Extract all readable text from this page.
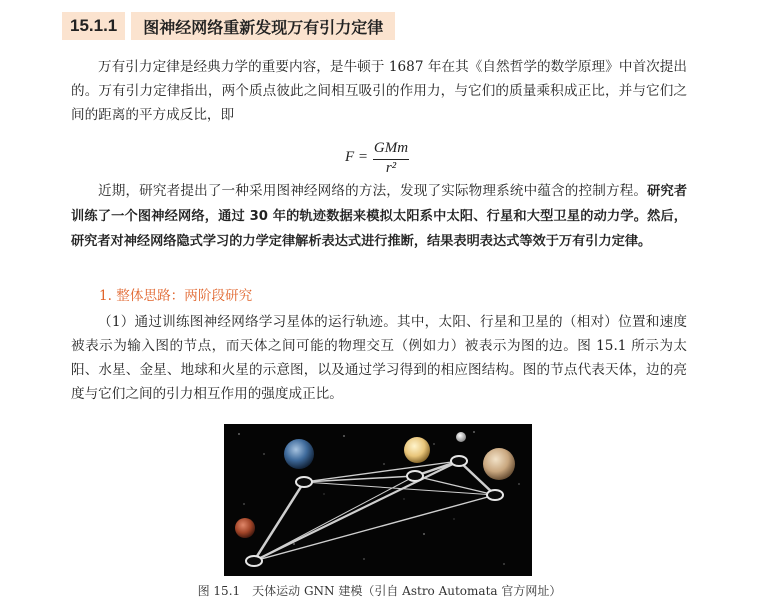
15.1.1	图神经网络重新发现万有引力定律

万有引力定律是经典力学的重要内容，是牛顿于 1687 年在其《自然哲学的数学原理》中首次提出的。万有引力定律指出，两个质点彼此之间相互吸引的作用力，与它们的质量乘积成正比，并与它们之间的距离的平方成反比，即

F =
GMm
r²

近期，研究者提出了一种采用图神经网络的方法，发现了实际物理系统中蕴含的控制方程。研究者训练了一个图神经网络，通过 30 年的轨迹数据来模拟太阳系中太阳、行星和大型卫星的动力学。然后，研究者对神经网络隐式学习的力学定律解析表达式进行推断，结果表明表达式等效于万有引力定律。

1. 整体思路：两阶段研究

（1）通过训练图神经网络学习星体的运行轨迹。其中，太阳、行星和卫星的（相对）位置和速度被表示为输入图的节点，而天体之间可能的物理交互（例如力）被表示为图的边。图 15.1 所示为太阳、水星、金星、地球和火星的示意图，以及通过学习得到的相应图结构。图的节点代表天体，边的亮度与它们之间的引力相互作用的强度成正比。

图 15.1　天体运动 GNN 建模（引自 Astro Automata 官方网址）
